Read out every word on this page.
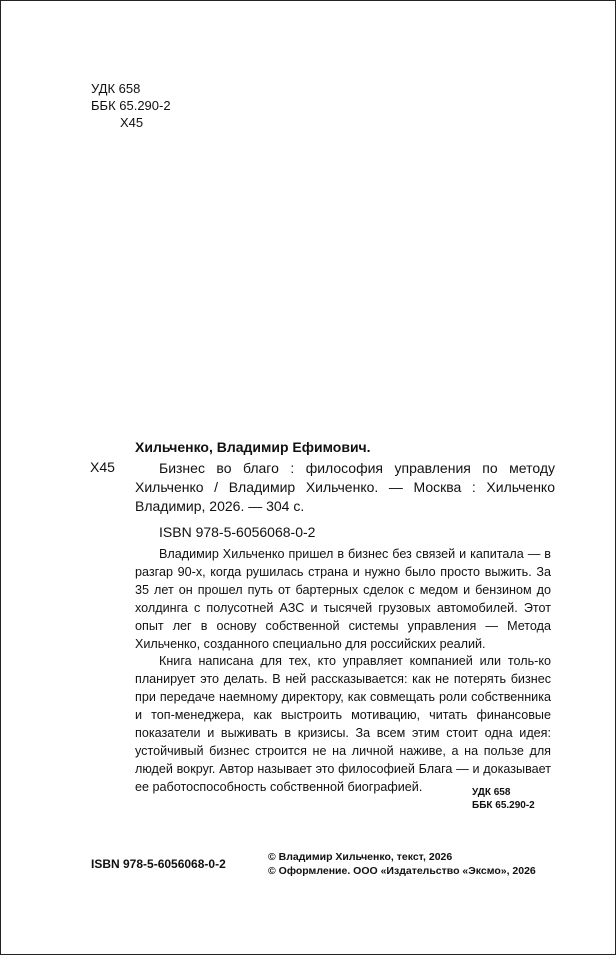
УДК 658
ББК 65.290-2
Х45
Хильченко, Владимир Ефимович.
Х45	Бизнес во благо : философия управления по методу Хильченко / Владимир Хильченко. — Москва : Хильченко Владимир, 2026. — 304 с.
ISBN 978-5-6056068-0-2

Владимир Хильченко пришел в бизнес без связей и капитала — в разгар 90-х, когда рушилась страна и нужно было просто выжить. За 35 лет он прошел путь от бартерных сделок с медом и бензином до холдинга с полусотней АЗС и тысячей грузовых автомобилей. Этот опыт лег в основу собственной системы управления — Метода Хильченко, созданного специально для российских реалий.

Книга написана для тех, кто управляет компанией или толь-ко планирует это делать. В ней рассказывается: как не потерять бизнес при передаче наемному директору, как совмещать роли собственника и топ-менеджера, как выстроить мотивацию, читать финансовые показатели и выживать в кризисы. За всем этим стоит одна идея: устойчивый бизнес строится не на личной наживе, а на пользе для людей вокруг. Автор называет это философией Блага — и доказывает ее работоспособность собственной биографией.	УДК 658
ББК 65.290-2
ISBN 978-5-6056068-0-2	© Владимир Хильченко, текст, 2026
© Оформление. ООО «Издательство «Эксмо», 2026
